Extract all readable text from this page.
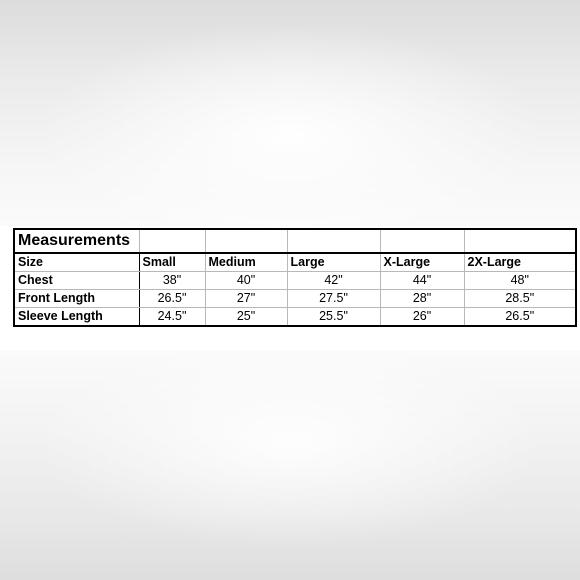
Measurements					
Size	Small	Medium	Large	X-Large	2X-Large
Chest	38"	40"	42"	44"	48"
Front Length	26.5"	27"	27.5"	28"	28.5"
Sleeve Length	24.5"	25"	25.5"	26"	26.5"
